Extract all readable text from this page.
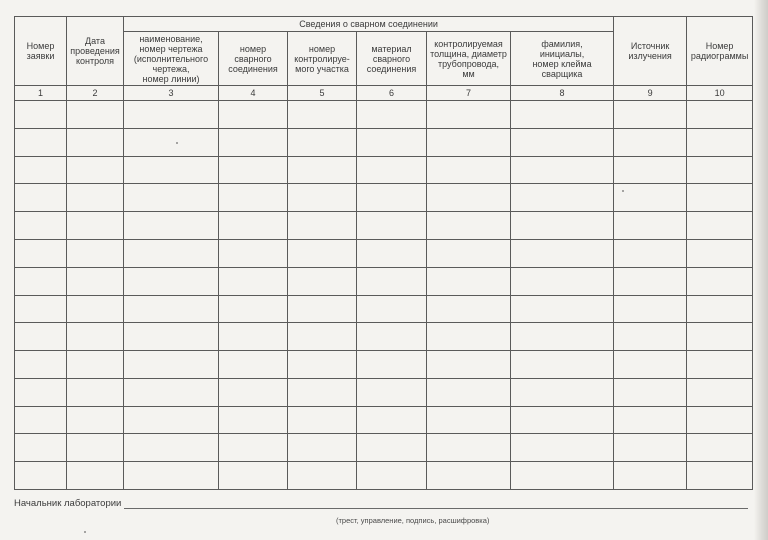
Номер
заявки	Дата
проведения
контроля	Сведения о сварном соединении						Источник
излучения	Номер
радиограммы

		наименование,
номер чертежа
(исполнительного
чертежа,
номер линии)	номер
сварного
соединения	номер
контролируе-
мого участка	материал
сварного
соединения	контролируемая
толщина, диаметр
трубопровода,
мм	фамилия,
инициалы,
номер клейма
сварщика		

1	2	3	4	5	6	7	8	9	10

Начальник лаборатории
(трест, управление, подпись, расшифровка)
